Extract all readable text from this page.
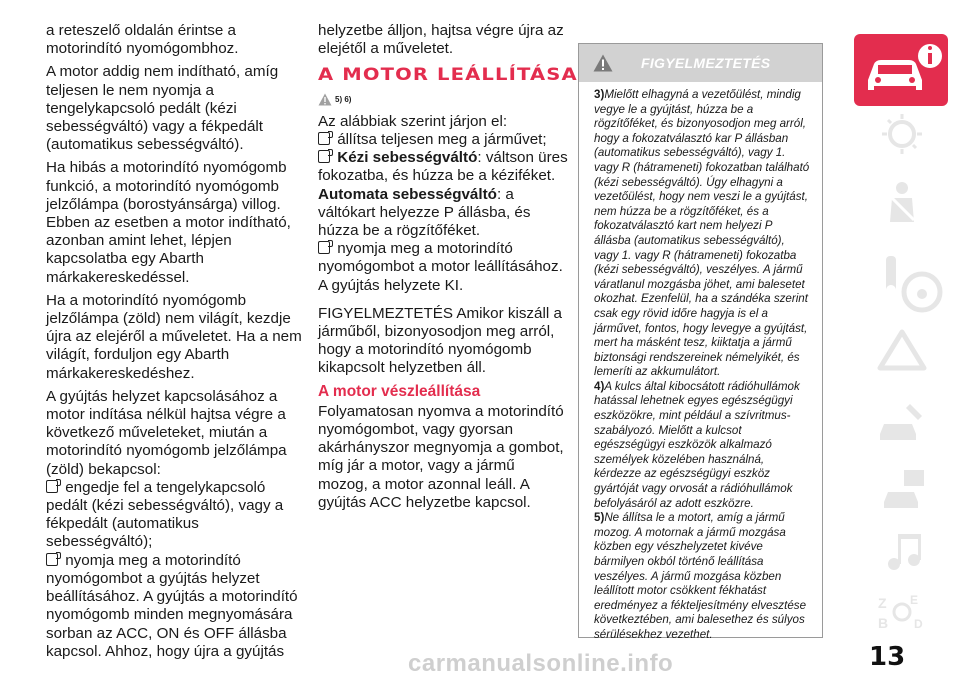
a reteszelő oldalán érintse a motorindító nyomógombhoz.

A motor addig nem indítható, amíg teljesen le nem nyomja a tengelykapcsoló pedált (kézi sebességváltó) vagy a fékpedált (automatikus sebességváltó).

Ha hibás a motorindító nyomógomb funkció, a motorindító nyomógomb jelzőlámpa (borostyánsárga) villog. Ebben az esetben a motor indítható, azonban amint lehet, lépjen kapcsolatba egy Abarth márkakereskedéssel.

Ha a motorindító nyomógomb jelzőlámpa (zöld) nem világít, kezdje újra az elejéről a műveletet. Ha a nem világít, forduljon egy Abarth márkakereskedéshez.

A gyújtás helyzet kapcsolásához a motor indítása nélkül hajtsa végre a következő műveleteket, miután a motorindító nyomógomb jelzőlámpa (zöld) bekapcsol:

engedje fel a tengelykapcsoló pedált (kézi sebességváltó), vagy a fékpedált (automatikus sebességváltó);

nyomja meg a motorindító nyomógombot a gyújtás helyzet beállításához. A gyújtás a motorindító nyomógomb minden megnyomására sorban az ACC, ON és OFF állásba kapcsol. Ahhoz, hogy újra a gyújtás

helyzetbe álljon, hajtsa végre újra az elejétől a műveletet.

A MOTOR LEÁLLÍTÁSA
5) 6)

Az alábbiak szerint járjon el:

állítsa teljesen meg a járművet;

Kézi sebességváltó: váltson üres fokozatba, és húzza be a kéziféket.

Automata sebességváltó: a váltókart helyezze P állásba, és húzza be a rögzítőféket.

nyomja meg a motorindító nyomógombot a motor leállításához. A gyújtás helyzete KI.

FIGYELMEZTETÉS Amikor kiszáll a járműből, bizonyosodjon meg arról, hogy a motorindító nyomógomb kikapcsolt helyzetben áll.

A motor vészleállítása

Folyamatosan nyomva a motorindító nyomógombot, vagy gyorsan akárhányszor megnyomja a gombot, míg jár a motor, vagy a jármű mozog, a motor azonnal leáll. A gyújtás ACC helyzetbe kapcsol.

FIGYELMEZTETÉS

3)Mielőtt elhagyná a vezetőülést, mindig vegye le a gyújtást, húzza be a rögzítőféket, és bizonyosodjon meg arról, hogy a fokozatválasztó kar P állásban (automatikus sebességváltó), vagy 1. vagy R (hátrameneti) fokozatban található (kézi sebességváltó). Úgy elhagyni a vezetőülést, hogy nem veszi le a gyújtást, nem húzza be a rögzítőféket, és a fokozatválasztó kart nem helyezi P állásba (automatikus sebességváltó), vagy 1. vagy R (hátrameneti) fokozatba (kézi sebességváltó), veszélyes. A jármű váratlanul mozgásba jöhet, ami balesetet okozhat. Ezenfelül, ha a szándéka szerint csak egy rövid időre hagyja is el a járművet, fontos, hogy levegye a gyújtást, mert ha másként tesz, kiiktatja a jármű biztonsági rendszereinek némelyikét, és lemeríti az akkumulátort.

4)A kulcs által kibocsátott rádióhullámok hatással lehetnek egyes egészségügyi eszközökre, mint például a szívritmus-szabályozó. Mielőtt a kulcsot egészségügyi eszközök alkalmazó személyek közelében használná, kérdezze az egészségügyi eszköz gyártóját vagy orvosát a rádióhullámok befolyásáról az adott eszközre.

5)Ne állítsa le a motort, amíg a jármű mozog. A motornak a jármű mozgása közben egy vészhelyzetet kivéve bármilyen okból történő leállítása veszélyes. A jármű mozgása közben leállított motor csökkent fékhatást eredményez a fékteljesítmény elvesztése következtében, ami balesethez és súlyos sérülésekhez vezethet.

Z E
B D
13
carmanualsonline.info
